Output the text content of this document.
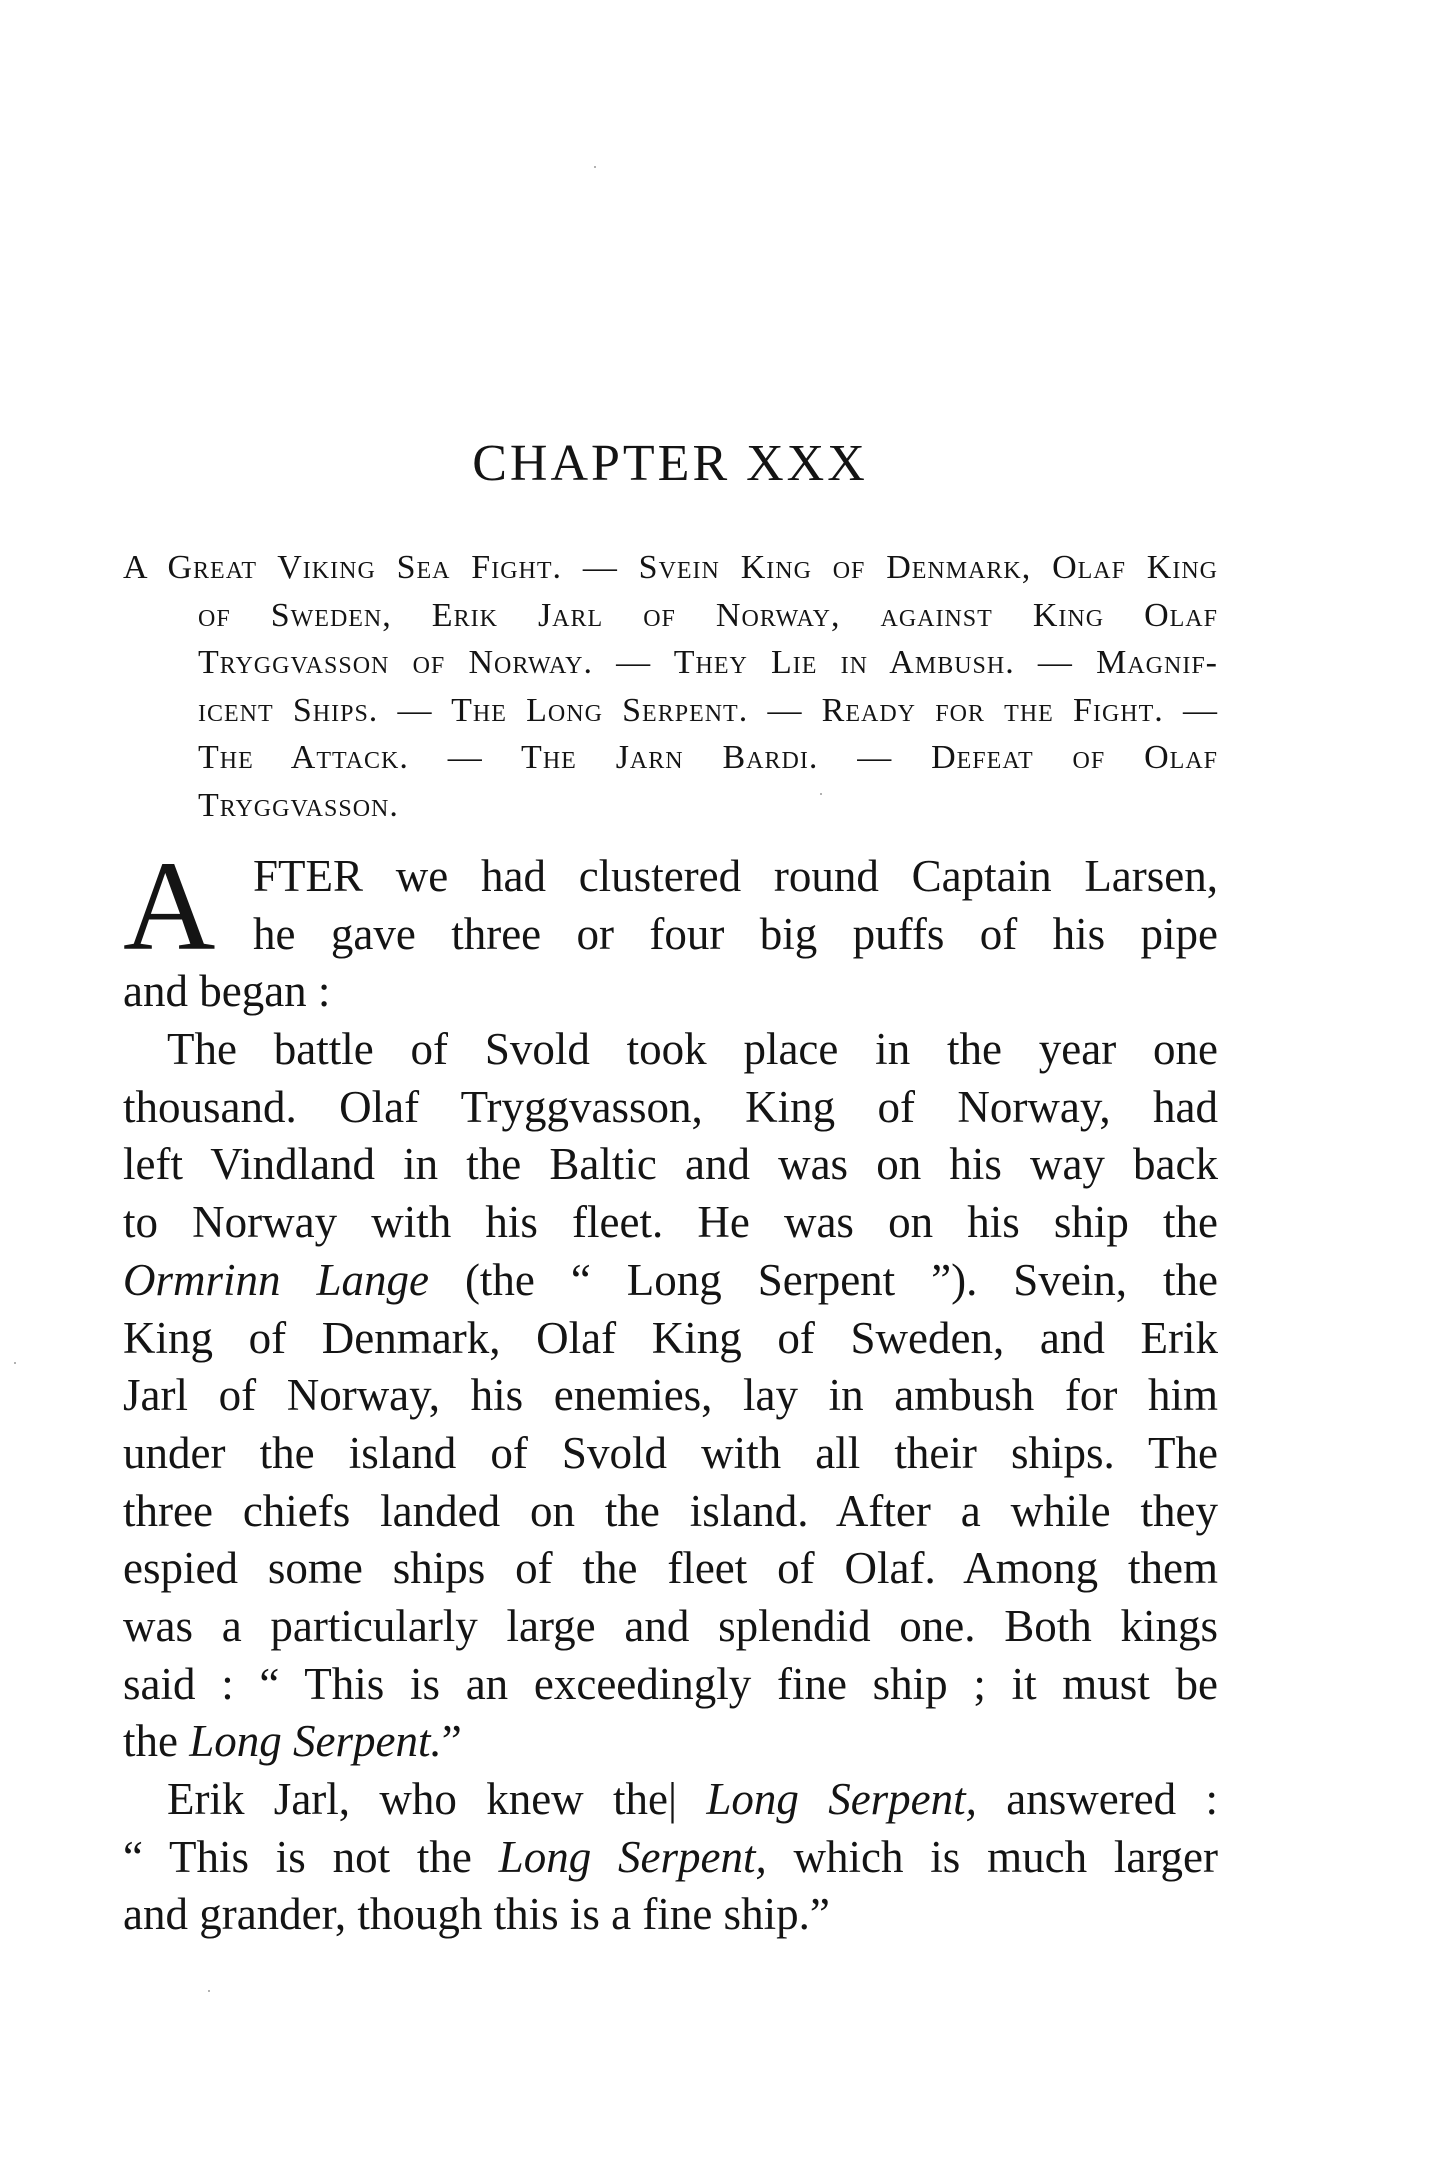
CHAPTER XXX
A Great Viking Sea Fight. — Svein King of Denmark, Olaf King
of Sweden, Erik Jarl of Norway, against King Olaf
Tryggvasson of Norway. — They Lie in Ambush. — Magnif-
icent Ships. — The Long Serpent. — Ready for the Fight. —
The Attack. — The Jarn Bardi. — Defeat of Olaf
Tryggvasson.
A FTER we had clustered round Captain Larsen,
he gave three or four big puffs of his pipe
and began :
The battle of Svold took place in the year one
thousand. Olaf Tryggvasson, King of Norway, had
left Vindland in the Baltic and was on his way back
to Norway with his fleet. He was on his ship the
Ormrinn Lange (the “ Long Serpent ”). Svein, the
King of Denmark, Olaf King of Sweden, and Erik
Jarl of Norway, his enemies, lay in ambush for him
under the island of Svold with all their ships. The
three chiefs landed on the island. After a while they
espied some ships of the fleet of Olaf. Among them
was a particularly large and splendid one. Both kings
said : “ This is an exceedingly fine ship ; it must be
the Long Serpent.”
Erik Jarl, who knew the| Long Serpent, answered :
“ This is not the Long Serpent, which is much larger
and grander, though this is a fine ship.”
